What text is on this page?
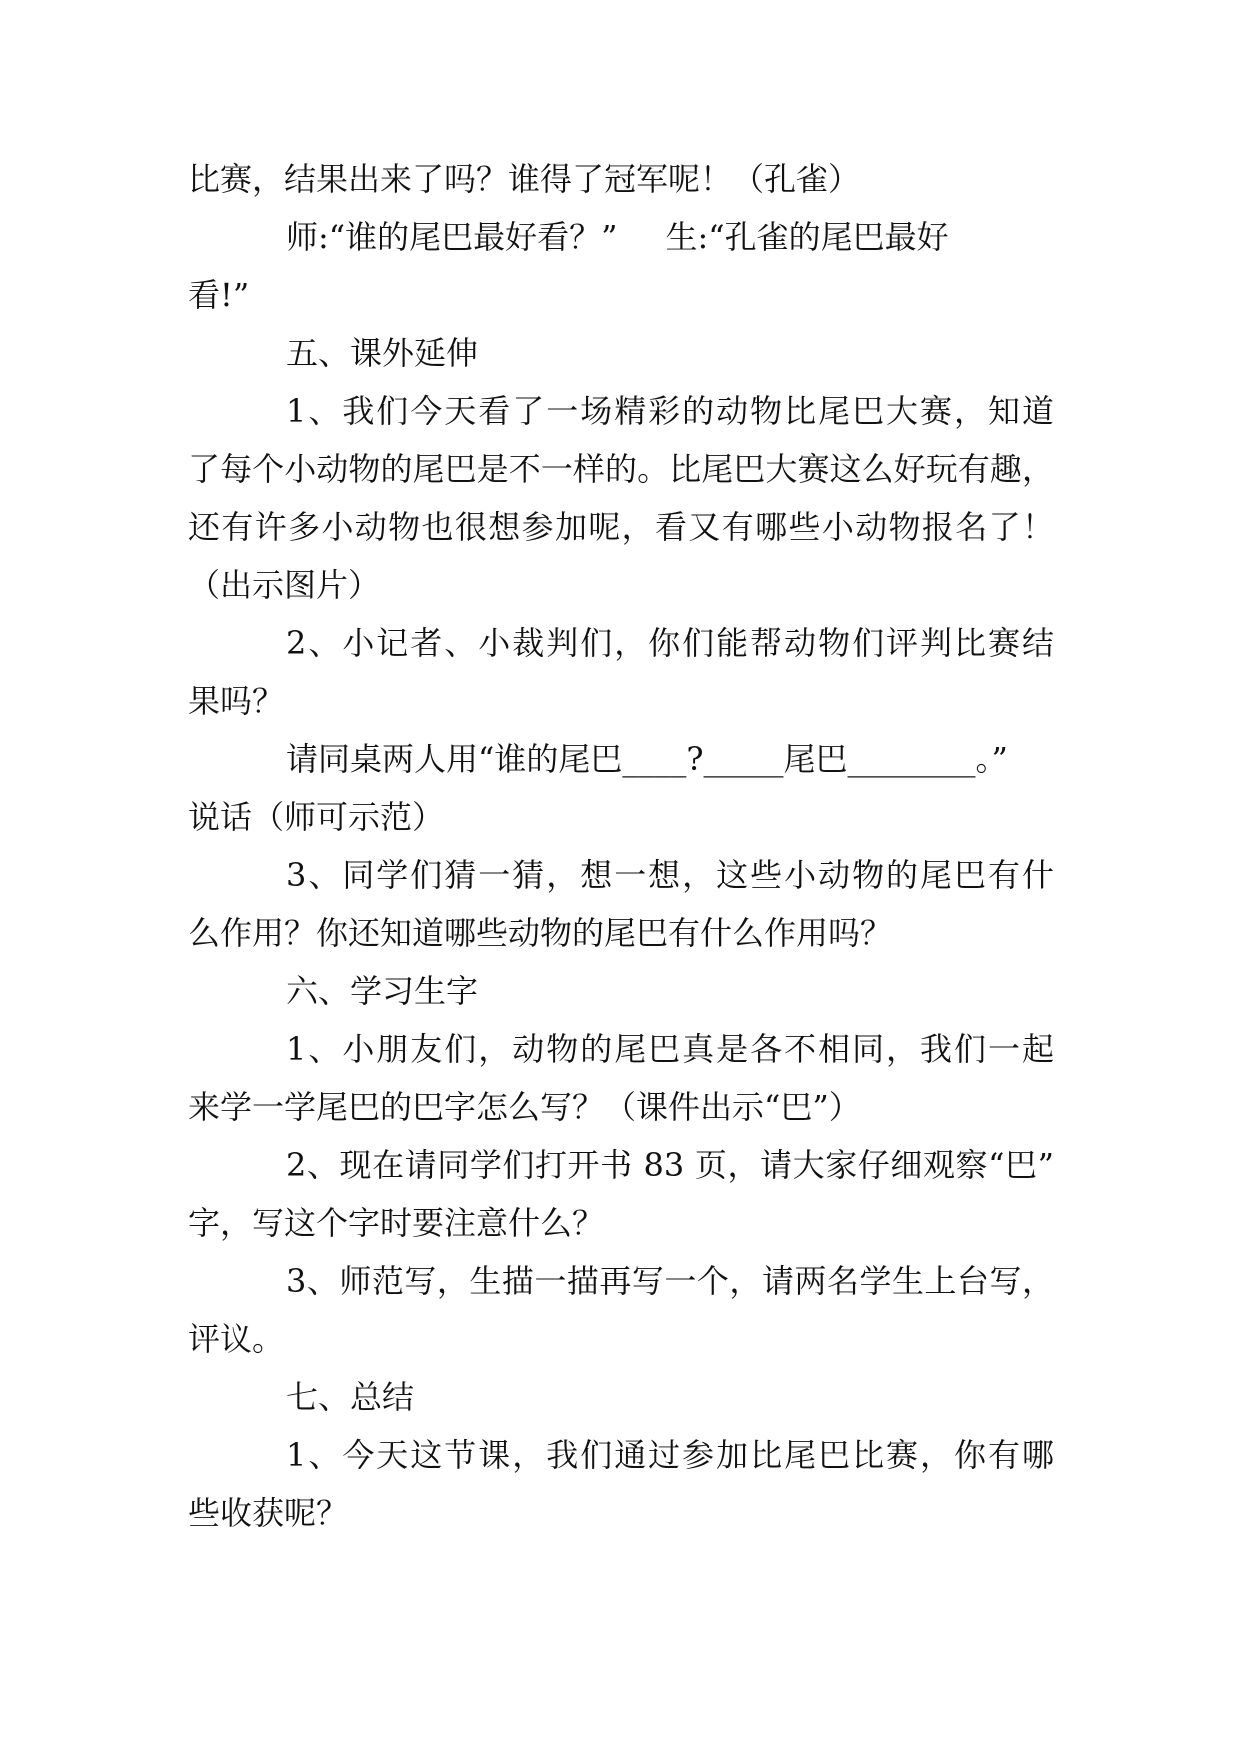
比赛，结果出来了吗？谁得了冠军呢！（孔雀）
师:“谁的尾巴最好看？” 生:“孔雀的尾巴最好
看!”
五、课外延伸
1、我们今天看了一场精彩的动物比尾巴大赛，知道
了每个小动物的尾巴是不一样的。比尾巴大赛这么好玩有趣，
还有许多小动物也很想参加呢，看又有哪些小动物报名了！
（出示图片）
2、小记者、小裁判们，你们能帮动物们评判比赛结
果吗？
请同桌两人用“谁的尾巴____?_____尾巴________。”
说话（师可示范）
3、同学们猜一猜，想一想，这些小动物的尾巴有什
么作用？你还知道哪些动物的尾巴有什么作用吗？
六、学习生字
1、小朋友们，动物的尾巴真是各不相同，我们一起
来学一学尾巴的巴字怎么写？（课件出示“巴”）
2、现在请同学们打开书 83 页，请大家仔细观察“巴”
字，写这个字时要注意什么？
3、师范写，生描一描再写一个，请两名学生上台写，
评议。
七、总结
1、今天这节课，我们通过参加比尾巴比赛，你有哪
些收获呢？
